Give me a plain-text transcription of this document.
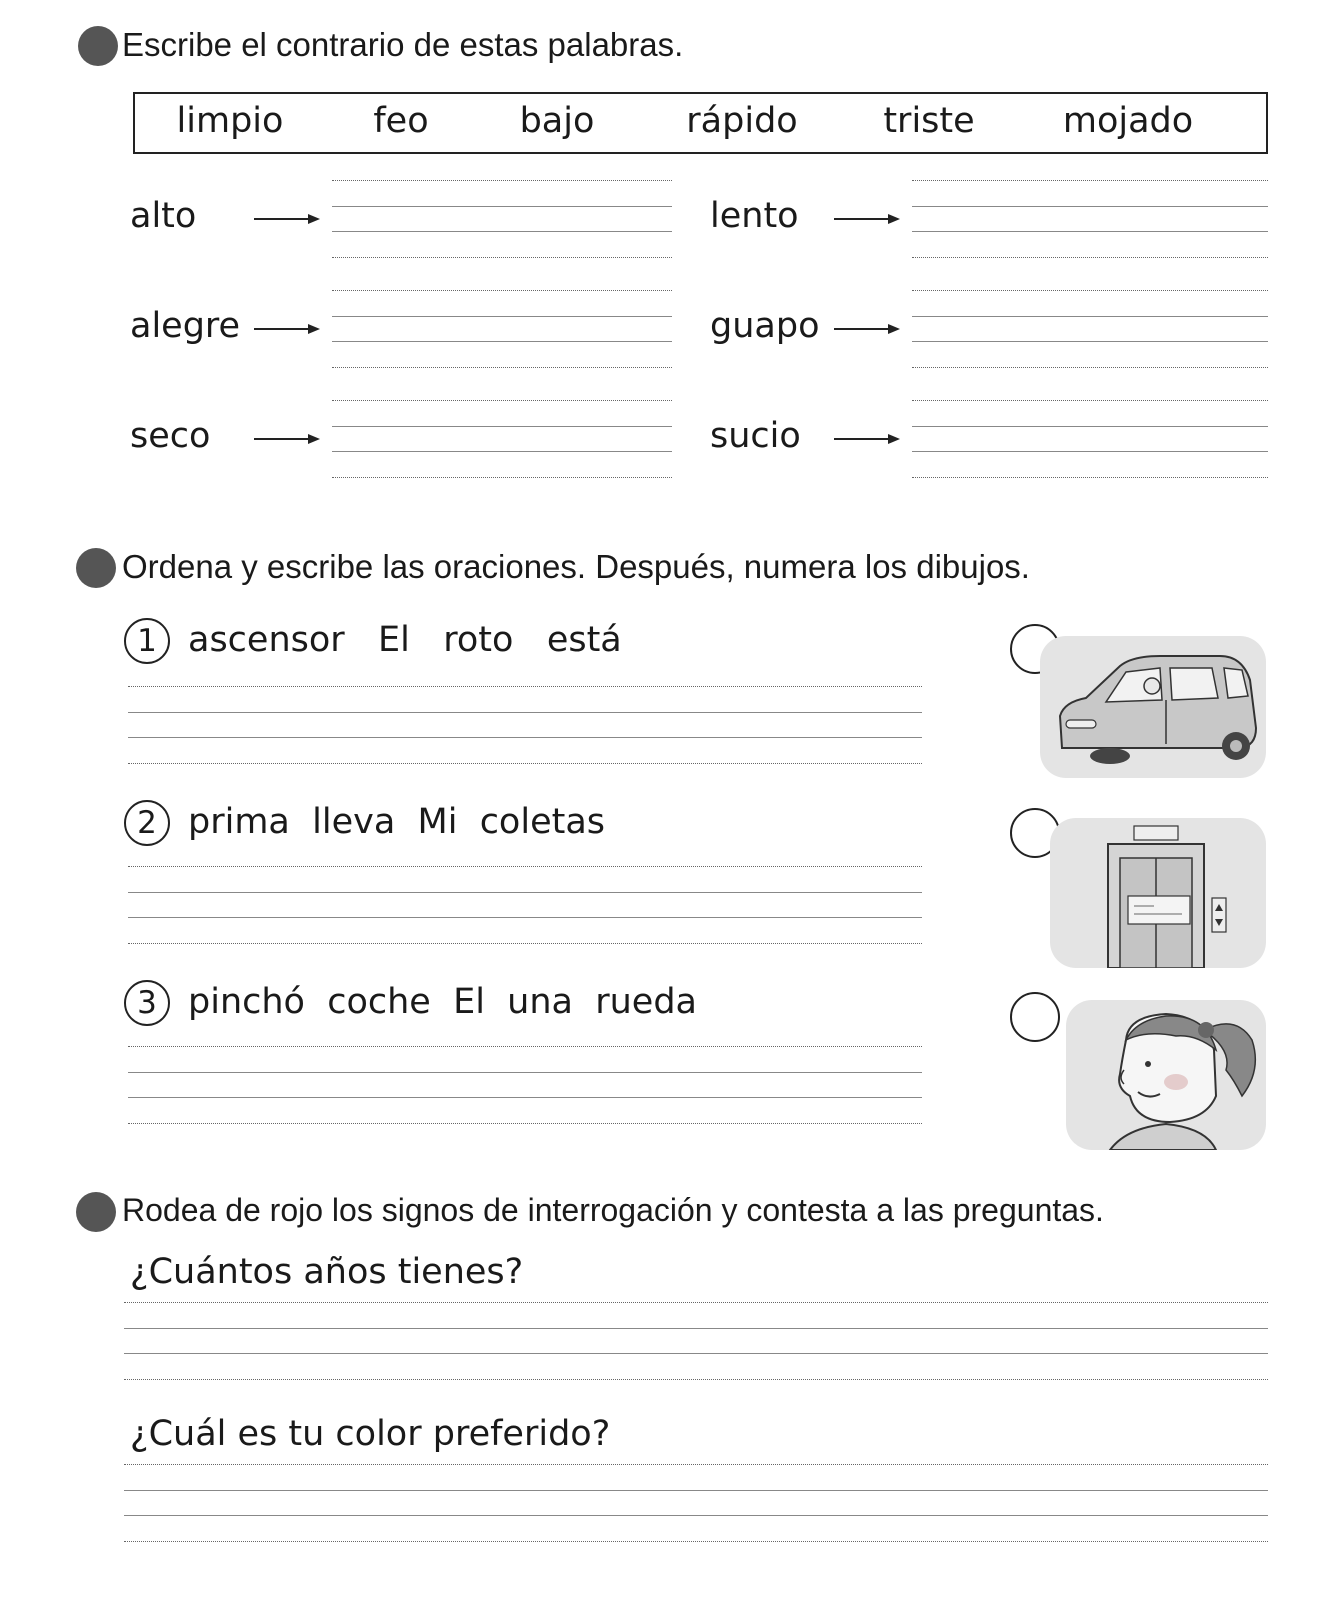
Escribe el contrario de estas palabras.
limpio	feo	bajo	rápido triste	mojado
alto
alegre
seco
lento
guapo
sucio
Ordena y escribe las oraciones. Después, numera los dibujos.
1 ascensor   El   roto   está
2 prima  lleva  Mi  coletas
3 pinchó  coche  El  una  rueda
Rodea de rojo los signos de interrogación y contesta a las preguntas.
¿Cuántos años tienes?
¿Cuál es tu color preferido?
